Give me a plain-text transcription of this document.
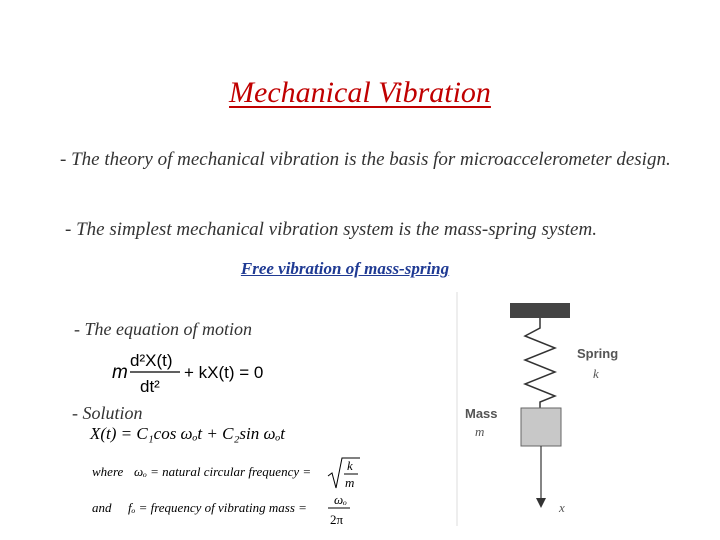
Mechanical Vibration
- The theory of mechanical vibration is the basis for microaccelerometer design.
- The simplest mechanical vibration system is the mass-spring system.
Free vibration of mass-spring
- The equation of motion
m
d²X(t)
dt²
+ kX(t) = 0
- Solution
X(t) = C₁cos ωₒt + C₂sin ωₒt
where ωₒ = natural circular frequency =	k
m
and fₒ = frequency of vibrating mass =
ωₒ
2π
Spring
k
Mass
m
x
